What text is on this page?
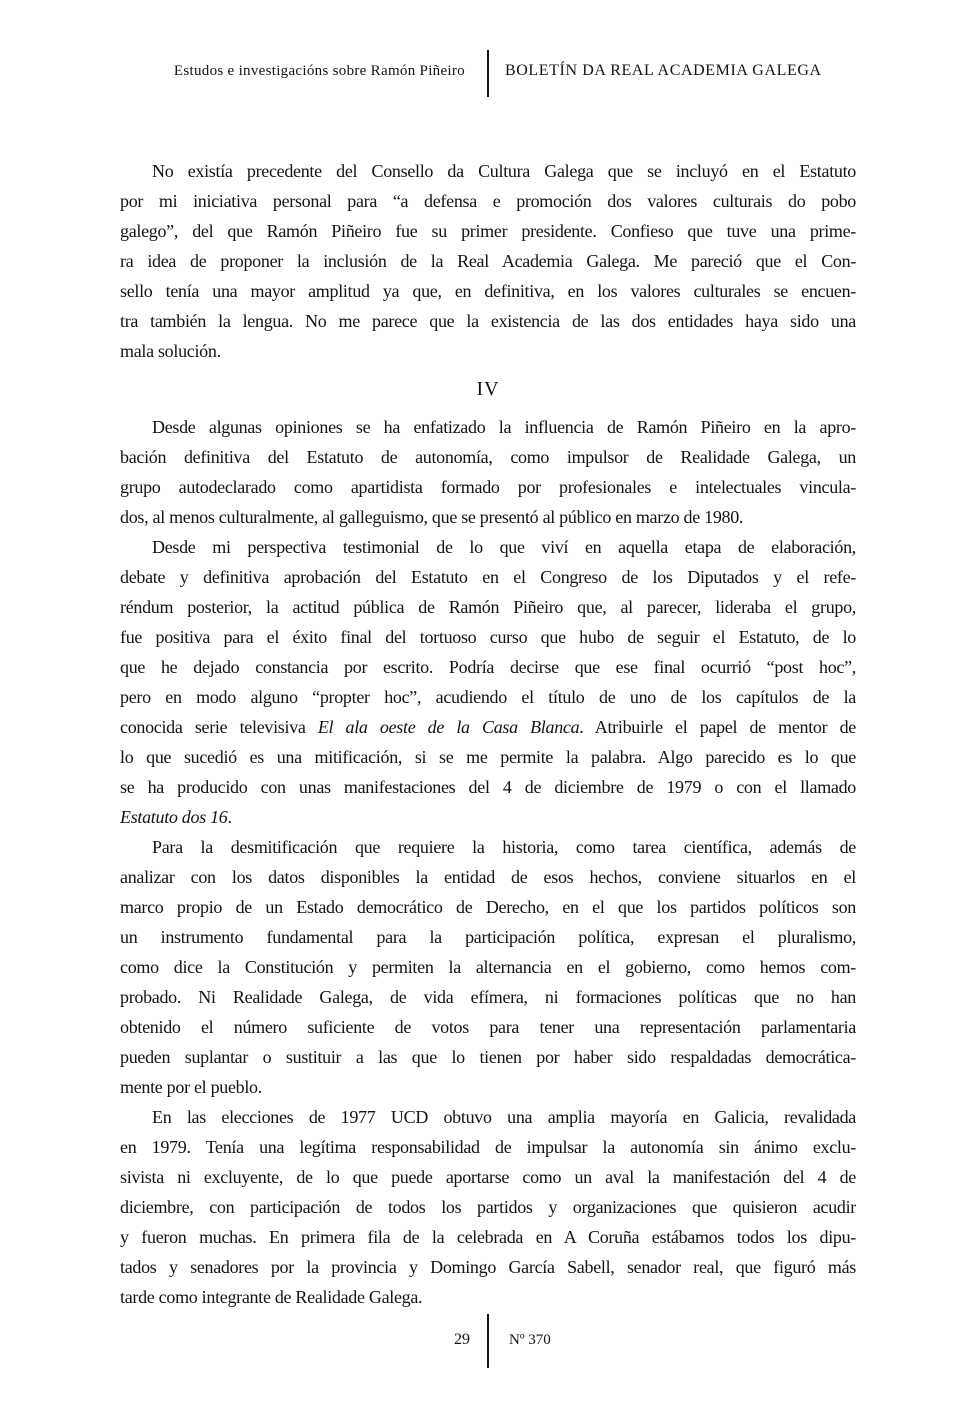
Estudos e investigacións sobre Ramón Piñeiro	BOLETÍN DA REAL ACADEMIA GALEGA
No existía precedente del Consello da Cultura Galega que se incluyó en el Estatuto
por mi iniciativa personal para “a defensa e promoción dos valores culturais do pobo
galego”, del que Ramón Piñeiro fue su primer presidente. Confieso que tuve una prime-
ra idea de proponer la inclusión de la Real Academia Galega. Me pareció que el Con-
sello tenía una mayor amplitud ya que, en definitiva, en los valores culturales se encuen-
tra también la lengua. No me parece que la existencia de las dos entidades haya sido una
mala solución.
IV
Desde algunas opiniones se ha enfatizado la influencia de Ramón Piñeiro en la apro-
bación definitiva del Estatuto de autonomía, como impulsor de Realidade Galega, un
grupo autodeclarado como apartidista formado por profesionales e intelectuales vincula-
dos, al menos culturalmente, al galleguismo, que se presentó al público en marzo de 1980.
Desde mi perspectiva testimonial de lo que viví en aquella etapa de elaboración,
debate y definitiva aprobación del Estatuto en el Congreso de los Diputados y el refe-
réndum posterior, la actitud pública de Ramón Piñeiro que, al parecer, lideraba el grupo,
fue positiva para el éxito final del tortuoso curso que hubo de seguir el Estatuto, de lo
que he dejado constancia por escrito. Podría decirse que ese final ocurrió “post hoc”,
pero en modo alguno “propter hoc”, acudiendo el título de uno de los capítulos de la
conocida serie televisiva El ala oeste de la Casa Blanca. Atribuirle el papel de mentor de
lo que sucedió es una mitificación, si se me permite la palabra. Algo parecido es lo que
se ha producido con unas manifestaciones del 4 de diciembre de 1979 o con el llamado
Estatuto dos 16.
Para la desmitificación que requiere la historia, como tarea científica, además de
analizar con los datos disponibles la entidad de esos hechos, conviene situarlos en el
marco propio de un Estado democrático de Derecho, en el que los partidos políticos son
un instrumento fundamental para la participación política, expresan el pluralismo,
como dice la Constitución y permiten la alternancia en el gobierno, como hemos com-
probado. Ni Realidade Galega, de vida efímera, ni formaciones políticas que no han
obtenido el número suficiente de votos para tener una representación parlamentaria
pueden suplantar o sustituir a las que lo tienen por haber sido respaldadas democrática-
mente por el pueblo.
En las elecciones de 1977 UCD obtuvo una amplia mayoría en Galicia, revalidada
en 1979. Tenía una legítima responsabilidad de impulsar la autonomía sin ánimo exclu-
sivista ni excluyente, de lo que puede aportarse como un aval la manifestación del 4 de
diciembre, con participación de todos los partidos y organizaciones que quisieron acudir
y fueron muchas. En primera fila de la celebrada en A Coruña estábamos todos los dipu-
tados y senadores por la provincia y Domingo García Sabell, senador real, que figuró más
tarde como integrante de Realidade Galega.
29	Nº 370
